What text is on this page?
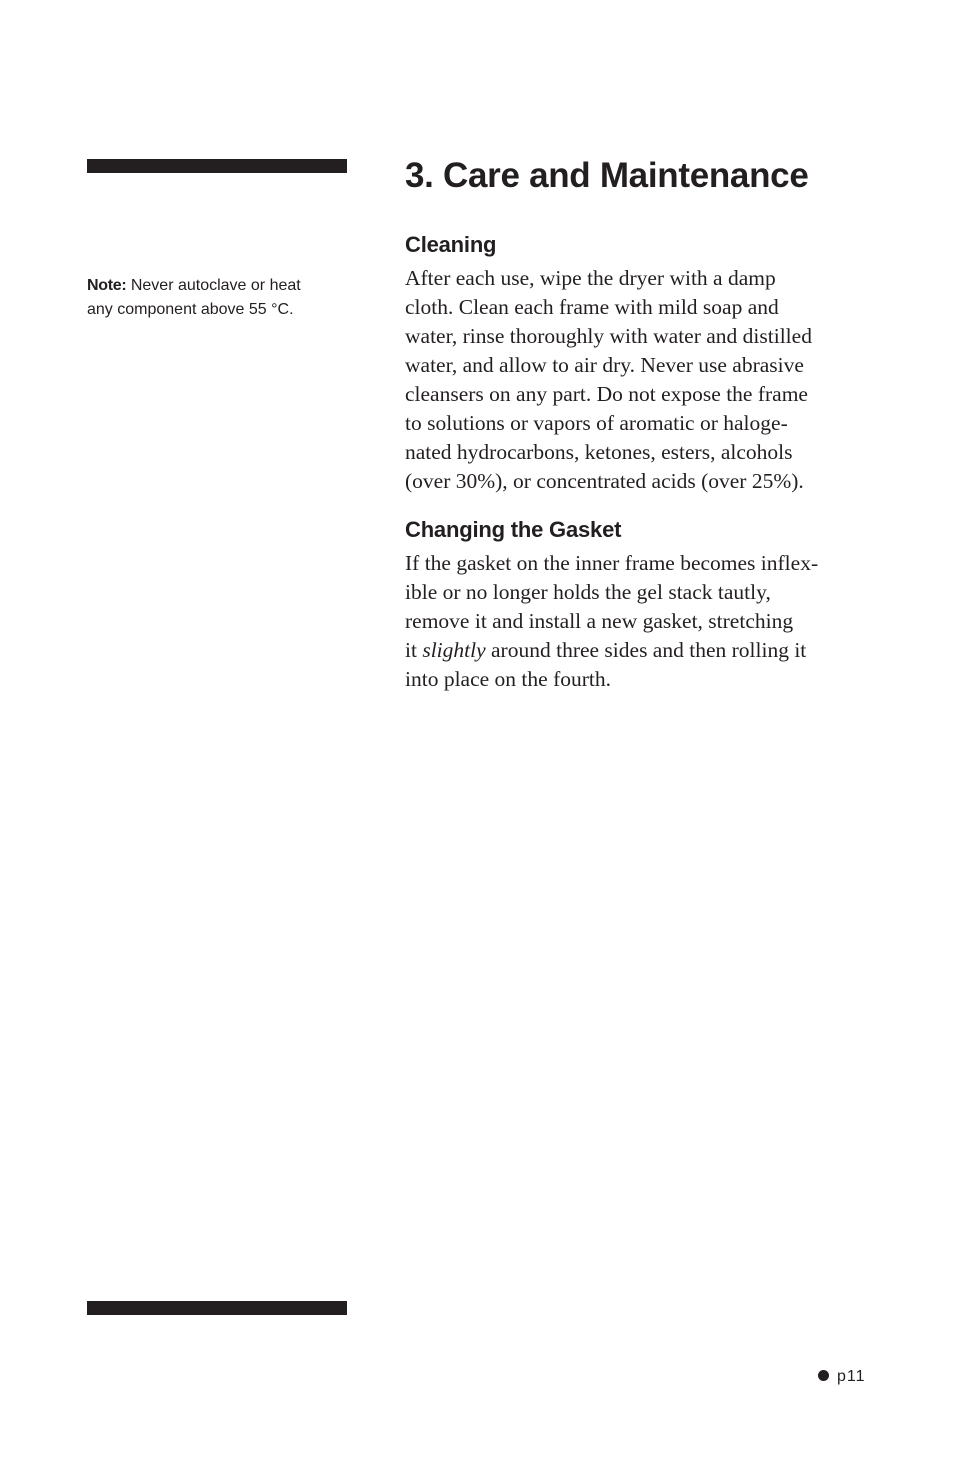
Note: Never autoclave or heat
any component above 55 °C.
3. Care and Maintenance
Cleaning

After each use, wipe the dryer with a damp
cloth. Clean each frame with mild soap and
water, rinse thoroughly with water and distilled
water, and allow to air dry. Never use abrasive
cleansers on any part. Do not expose the frame
to solutions or vapors of aromatic or haloge-
nated hydrocarbons, ketones, esters, alcohols
(over 30%), or concentrated acids (over 25%).

Changing the Gasket

If the gasket on the inner frame becomes inflex-
ible or no longer holds the gel stack tautly,
remove it and install a new gasket, stretching
it slightly around three sides and then rolling it
into place on the fourth.

p11
